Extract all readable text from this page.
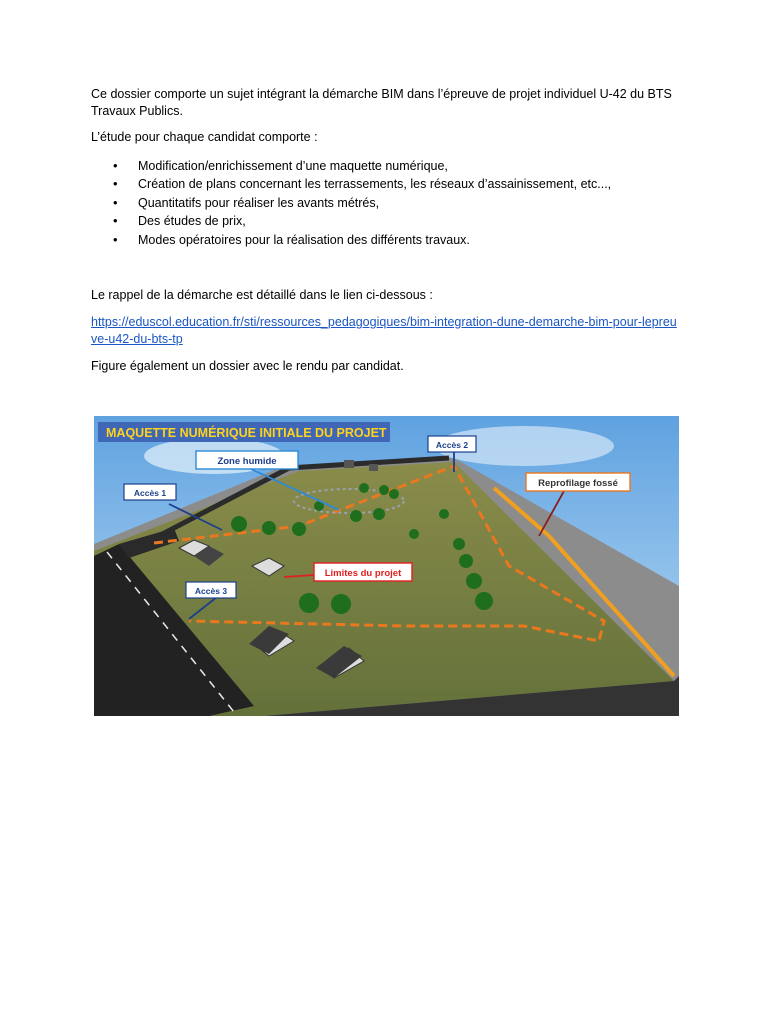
Ce dossier comporte un sujet intégrant la démarche BIM dans l’épreuve de projet individuel U-42 du BTS Travaux Publics.

L’étude pour chaque candidat comporte :

• Modification/enrichissement d’une maquette numérique,
• Création de plans concernant les terrassements, les réseaux d’assainissement, etc...,
• Quantitatifs pour réaliser les avants métrés,
• Des études de prix,
• Modes opératoires pour la réalisation des différents travaux.

Le rappel de la démarche est détaillé dans le lien ci-dessous :

https://eduscol.education.fr/sti/ressources_pedagogiques/bim-integration-dune-demarche-bim-pour-lepreuve-u42-du-bts-tp

Figure également un dossier avec le rendu par candidat.

MAQUETTE NUMÉRIQUE INITIALE DU PROJET
Accès 1
Accès 2
Accès 3
Zone humide
Limites du projet
Reprofilage fossé
